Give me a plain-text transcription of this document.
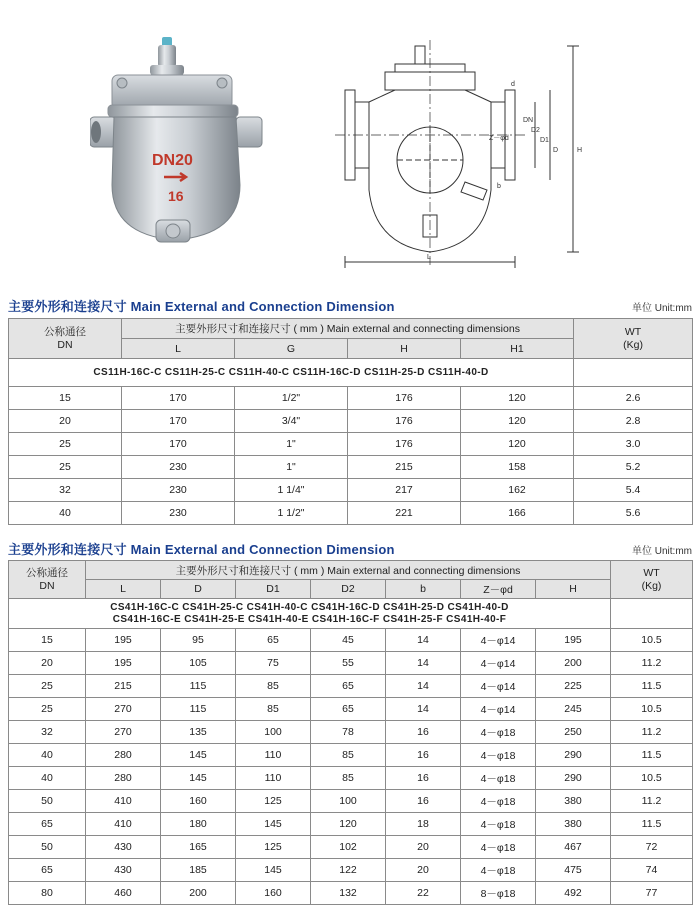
DN20
16
d
DN
D2
D1
D	H
Z－φd
b
L
主要外形和连接尺寸 Main External and Connection Dimension	单位 Unit:mm
公称通径
DN	主要外形尺寸和连接尺寸 ( mm ) Main external and connecting dimensions				WT
(Kg)
	L	G	H	H1	
CS11H-16C-C CS11H-25-C CS11H-40-C CS11H-16C-D CS11H-25-D CS11H-40-D					
15	170	1/2"	176	120	2.6
20	170	3/4"	176	120	2.8
25	170	1"	176	120	3.0
25	230	1"	215	158	5.2
32	230	1 1/4"	217	162	5.4
40	230	1 1/2"	221	166	5.6
主要外形和连接尺寸 Main External and Connection Dimension	单位 Unit:mm
公称通径
DN	主要外形尺寸和连接尺寸 ( mm ) Main external and connecting dimensions							WT
(Kg)
	L	D	D1	D2	b	Z－φd	H	

CS41H-16C-C CS41H-25-C CS41H-40-C CS41H-16C-D CS41H-25-D CS41H-40-D
CS41H-16C-E CS41H-25-E CS41H-40-E CS41H-16C-F CS41H-25-F CS41H-40-F								

15	195	95	65	45	14	4－φ14	195	10.5
20	195	105	75	55	14	4－φ14	200	11.2
25	215	115	85	65	14	4－φ14	225	11.5
25	270	115	85	65	14	4－φ14	245	10.5
32	270	135	100	78	16	4－φ18	250	11.2
40	280	145	110	85	16	4－φ18	290	11.5
40	280	145	110	85	16	4－φ18	290	10.5
50	410	160	125	100	16	4－φ18	380	11.2
65	410	180	145	120	18	4－φ18	380	11.5
50	430	165	125	102	20	4－φ18	467	72
65	430	185	145	122	20	4－φ18	475	74
80	460	200	160	132	22	8－φ18	492	77
